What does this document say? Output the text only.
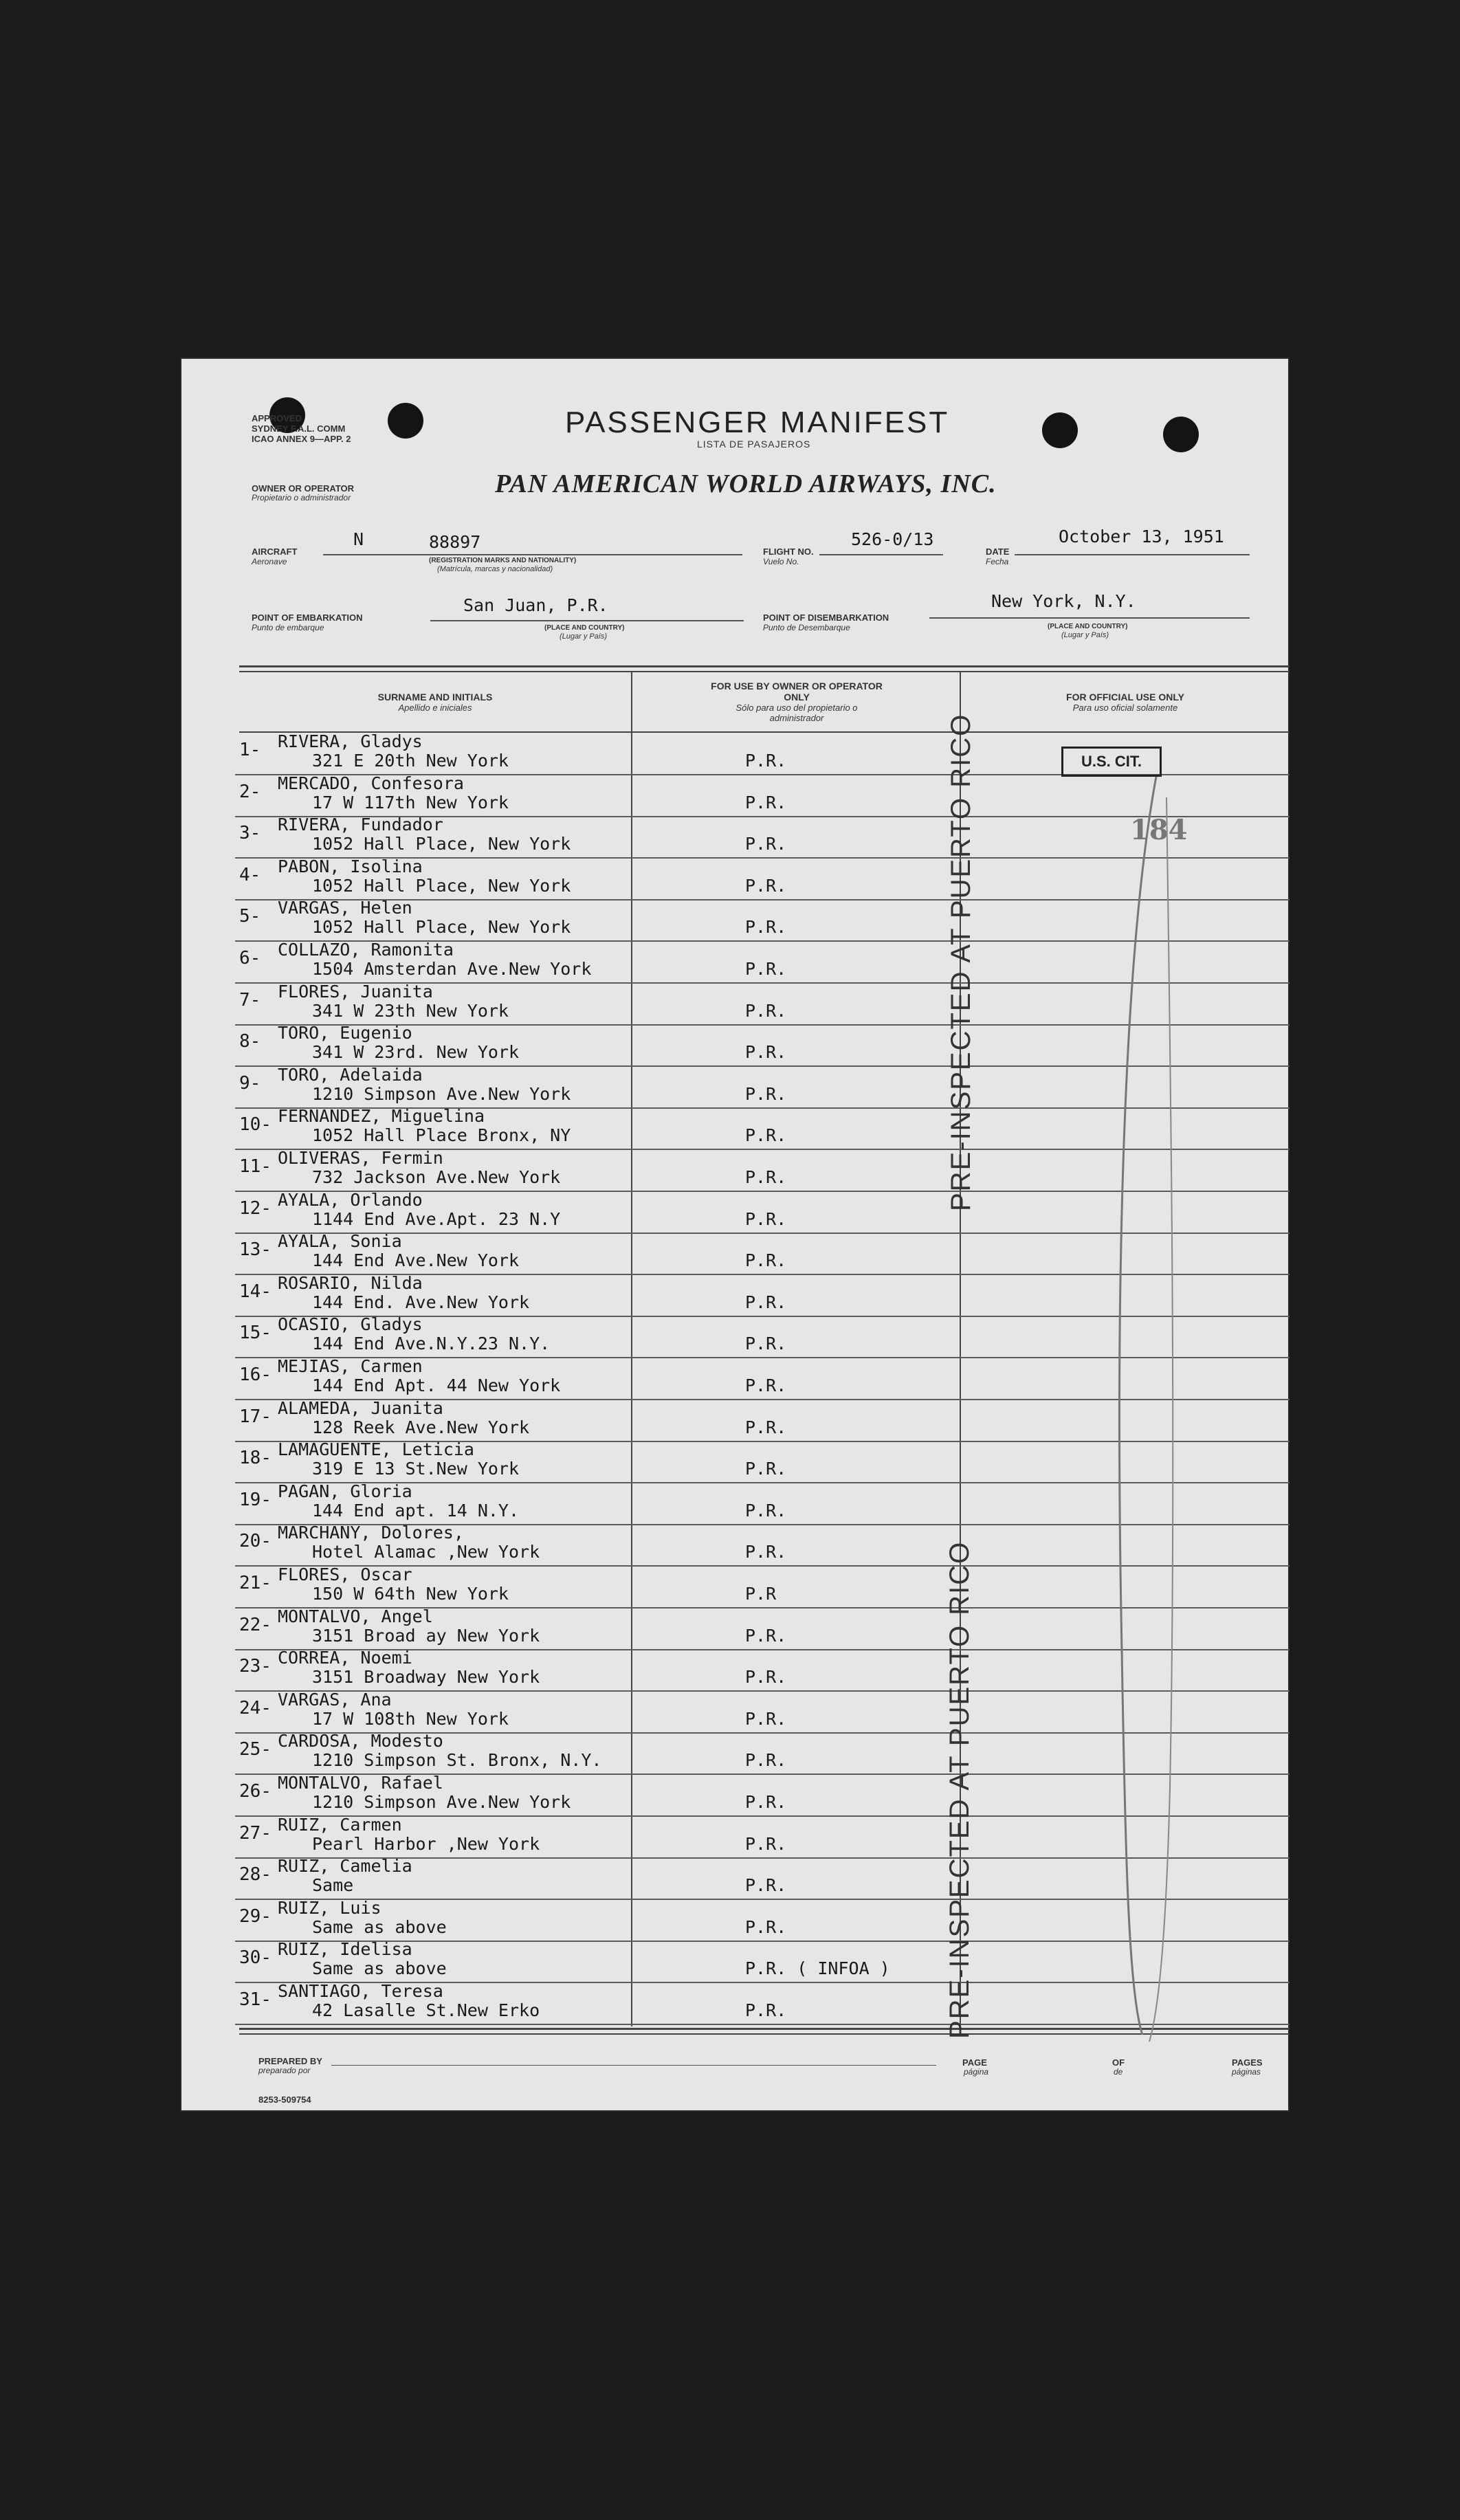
APPROVED
SYDNEY F.A.L. COMM
ICAO ANNEX 9—APP. 2	PASSENGER MANIFEST
LISTA DE PASAJEROS
OWNER OR OPERATOR
Propietario o administrador	PAN AMERICAN WORLD AIRWAYS, INC.
AIRCRAFT
Aeronave
N	88897
(REGISTRATION MARKS AND NATIONALITY)
(Matrícula, marcas y nacionalidad)
FLIGHT NO.
Vuelo No.
526-0/13
DATE
Fecha
October 13, 1951
POINT OF EMBARKATION
Punto de embarque
San Juan, P.R.
(PLACE AND COUNTRY)
(Lugar y País)
POINT OF DISEMBARKATION
Punto de Desembarque
New York, N.Y.
(PLACE AND COUNTRY)
(Lugar y País)
SURNAME AND INITIALS
Apellido e iniciales
FOR USE BY OWNER OR OPERATOR ONLY
Sólo para uso del propietario o administrador
FOR OFFICIAL USE ONLY
Para uso oficial solamente
1- RIVERA, Gladys
321 E 20th New York	P.R.
2- MERCADO, Confesora
17 W 117th New York	P.R.
3- RIVERA, Fundador
1052 Hall Place, New York	P.R.
4- PABON, Isolina
1052 Hall Place, New York	P.R.
5- VARGAS, Helen
1052 Hall Place, New York	P.R.
6- COLLAZO, Ramonita
1504 Amsterdan Ave.New York	P.R.
7- FLORES, Juanita
341 W 23th New York	P.R.
8- TORO, Eugenio
341 W 23rd. New York	P.R.
9- TORO, Adelaida
1210 Simpson Ave.New York	P.R.
10- FERNANDEZ, Miguelina
1052 Hall Place Bronx, NY	P.R.
11- OLIVERAS, Fermin
732 Jackson Ave.New York	P.R.
12- AYALA, Orlando
1144 End Ave.Apt. 23 N.Y	P.R.
13- AYALA, Sonia
144 End Ave.New York	P.R.
14- ROSARIO, Nilda
144 End. Ave.New York	P.R.
15- OCASIO, Gladys
144 End Ave.N.Y.23 N.Y.	P.R.
16- MEJIAS, Carmen
144 End Apt. 44 New York	P.R.
17- ALAMEDA, Juanita
128 Reek Ave.New York	P.R.
18- LAMAGUENTE, Leticia
319 E 13 St.New York	P.R.
19- PAGAN, Gloria
144 End apt. 14 N.Y.	P.R.
20- MARCHANY, Dolores,
Hotel Alamac ,New York	P.R.
21- FLORES, Oscar
150 W 64th New York	P.R
22- MONTALVO, Angel
3151 Broad ay New York	P.R.
23- CORREA, Noemi
3151 Broadway New York	P.R.
24- VARGAS, Ana
17 W 108th New York	P.R.
25- CARDOSA, Modesto
1210 Simpson St. Bronx, N.Y.	P.R.
26- MONTALVO, Rafael
1210 Simpson Ave.New York	P.R.
27- RUIZ, Carmen
Pearl Harbor ,New York	P.R.
28- RUIZ, Camelia
Same	P.R.
29- RUIZ, Luis
Same as above	P.R.
30- RUIZ, Idelisa
Same as above	P.R. ( INFOA )
31- SANTIAGO, Teresa
42 Lasalle St.New Erko	P.R.
PRE-INSPECTED AT PUERTO RICO
PRE-INSPECTED AT PUERTO RICO
U.S. CIT.
184
PREPARED BY
preparado por
PAGE
página
OF
de
PAGES
páginas
8253-509754
